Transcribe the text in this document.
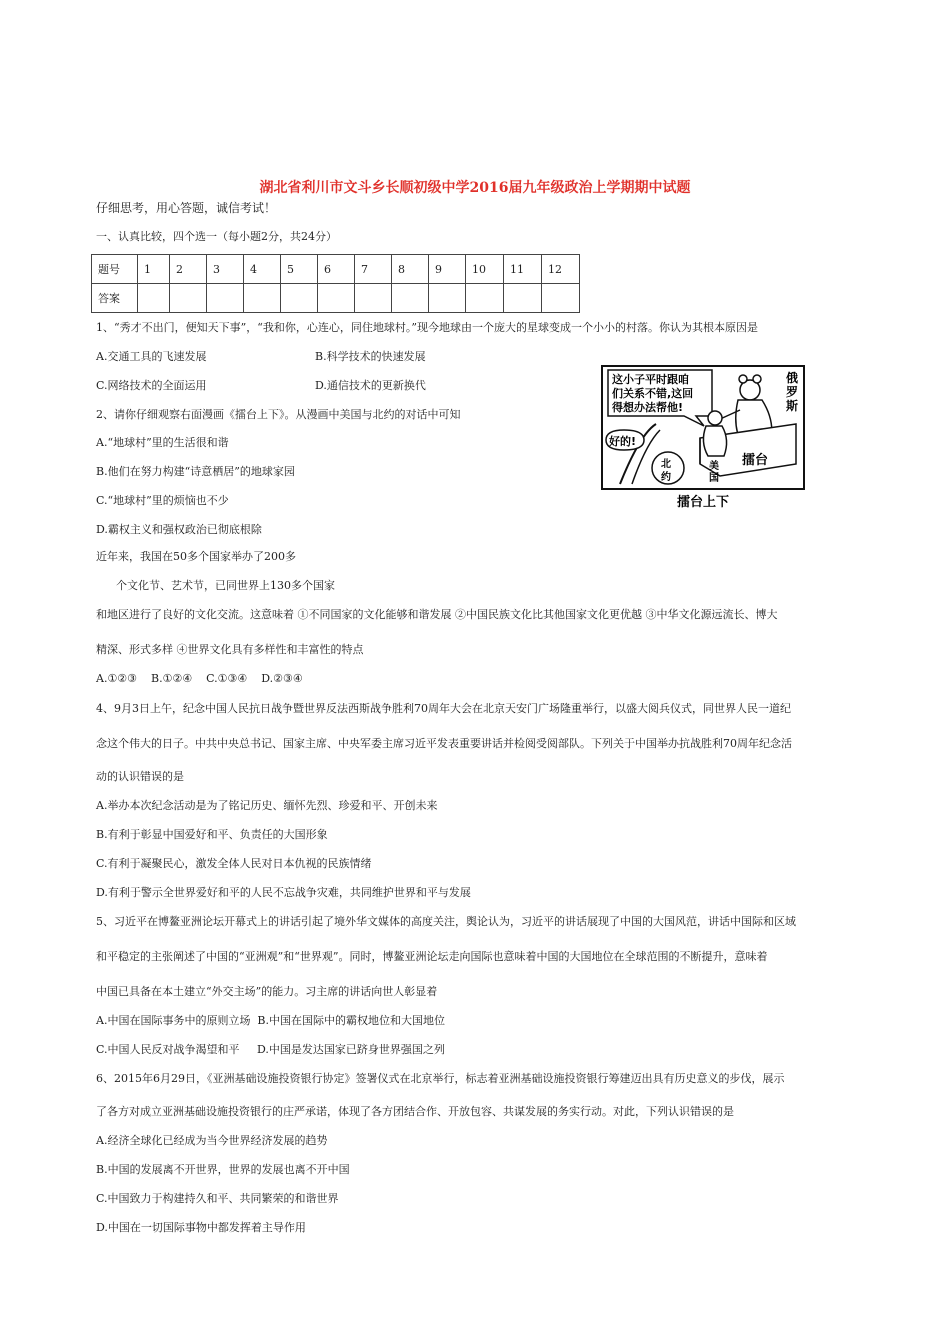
湖北省利川市文斗乡长顺初级中学2016届九年级政治上学期期中试题
仔细思考，用心答题，诚信考试！
一、认真比较，四个选一（每小题2分，共24分）
题号	1	2	3	4	5	6	7	8	9	10	11	12
答案												
1、“秀才不出门，便知天下事”，“我和你，心连心，同住地球村。”现今地球由一个庞大的星球变成一个小小的村落。你认为其根本原因是
A.交通工具的飞速发展	B.科学技术的快速发展
C.网络技术的全面运用	D.通信技术的更新换代
2、请你仔细观察右面漫画《擂台上下》。从漫画中美国与北约的对话中可知
A.“地球村”里的生活很和谐
B.他们在努力构建“诗意栖居”的地球家园
C.“地球村”里的烦恼也不少
D.霸权主义和强权政治已彻底根除
这小子平时跟咱
们关系不错,这回
得想办法帮他!
俄
罗
斯
擂台
好的!
美
国
北
约
擂台上下
近年来，我国在50多个国家举办了200多
个文化节、艺术节，已同世界上130多个国家
和地区进行了良好的文化交流。这意味着 ①不同国家的文化能够和谐发展 ②中国民族文化比其他国家文化更优越 ③中华文化源远流长、博大
精深、形式多样 ④世界文化具有多样性和丰富性的特点
A.①②③    B.①②④    C.①③④    D.②③④
4、9月3日上午，纪念中国人民抗日战争暨世界反法西斯战争胜利70周年大会在北京天安门广场隆重举行，以盛大阅兵仪式，同世界人民一道纪
念这个伟大的日子。中共中央总书记、国家主席、中央军委主席习近平发表重要讲话并检阅受阅部队。下列关于中国举办抗战胜利70周年纪念活
动的认识错误的是
A.举办本次纪念活动是为了铭记历史、缅怀先烈、珍爱和平、开创未来
B.有利于彰显中国爱好和平、负责任的大国形象
C.有利于凝聚民心，激发全体人民对日本仇视的民族情绪
D.有利于警示全世界爱好和平的人民不忘战争灾难，共同维护世界和平与发展
5、习近平在博鳌亚洲论坛开幕式上的讲话引起了境外华文媒体的高度关注，舆论认为，习近平的讲话展现了中国的大国风范，讲话中国际和区域
和平稳定的主张阐述了中国的“亚洲观”和“世界观”。同时，博鳌亚洲论坛走向国际也意味着中国的大国地位在全球范围的不断提升，意味着
中国已具备在本土建立“外交主场”的能力。习主席的讲话向世人彰显着
A.中国在国际事务中的原则立场  B.中国在国际中的霸权地位和大国地位
C.中国人民反对战争渴望和平     D.中国是发达国家已跻身世界强国之列
6、2015年6月29日，《亚洲基础设施投资银行协定》签署仪式在北京举行，标志着亚洲基础设施投资银行筹建迈出具有历史意义的步伐，展示
了各方对成立亚洲基础设施投资银行的庄严承诺，体现了各方团结合作、开放包容、共谋发展的务实行动。对此，下列认识错误的是
A.经济全球化已经成为当今世界经济发展的趋势
B.中国的发展离不开世界，世界的发展也离不开中国
C.中国致力于构建持久和平、共同繁荣的和谐世界
D.中国在一切国际事物中都发挥着主导作用
